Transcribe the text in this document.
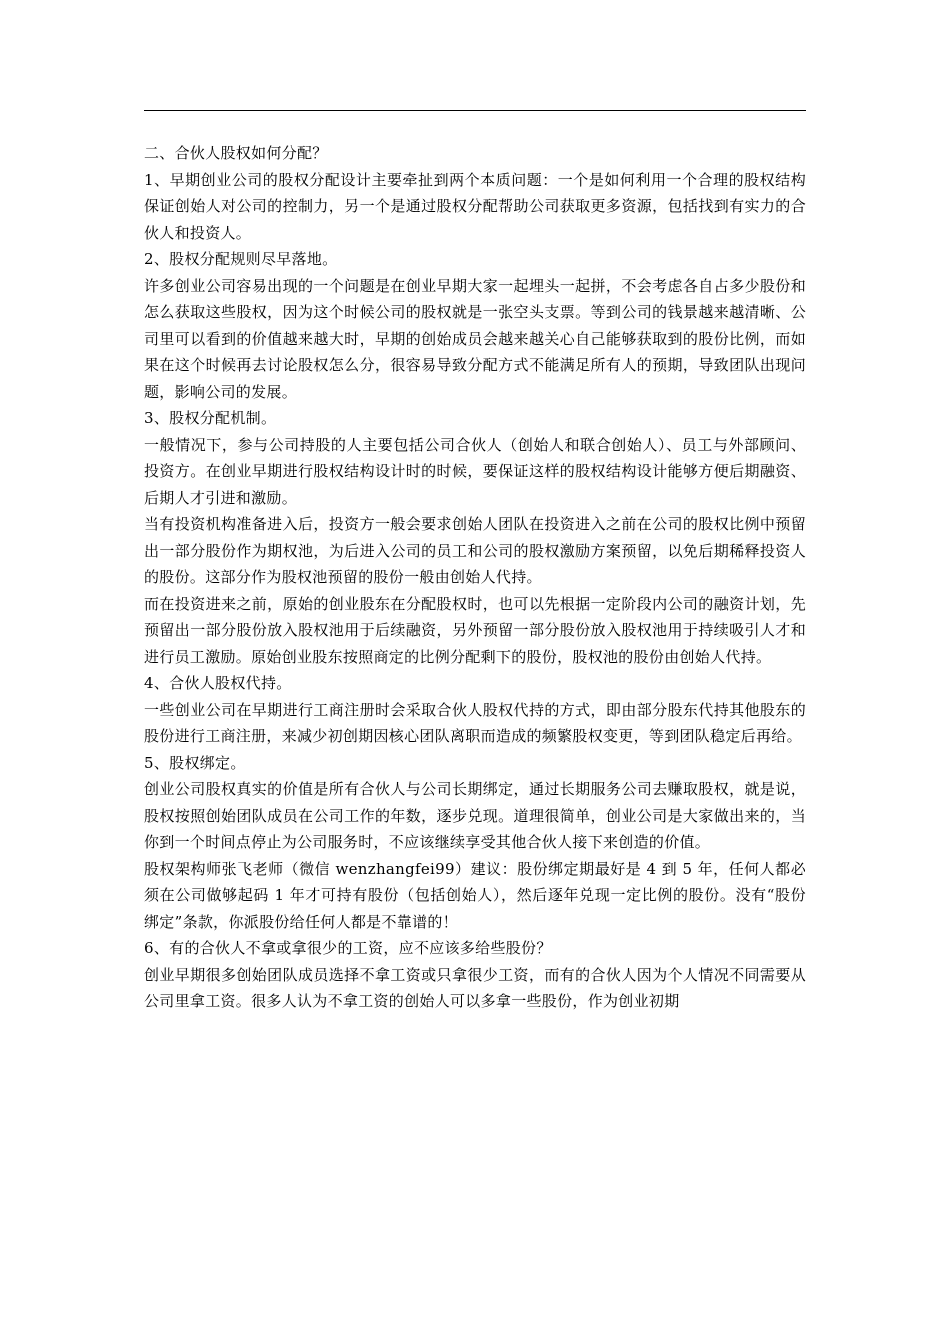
二、合伙人股权如何分配？

1、早期创业公司的股权分配设计主要牵扯到两个本质问题：一个是如何利用一个合理的股权结构保证创始人对公司的控制力，另一个是通过股权分配帮助公司获取更多资源，包括找到有实力的合伙人和投资人。

2、股权分配规则尽早落地。

许多创业公司容易出现的一个问题是在创业早期大家一起埋头一起拼，不会考虑各自占多少股份和怎么获取这些股权，因为这个时候公司的股权就是一张空头支票。等到公司的钱景越来越清晰、公司里可以看到的价值越来越大时，早期的创始成员会越来越关心自己能够获取到的股份比例，而如果在这个时候再去讨论股权怎么分，很容易导致分配方式不能满足所有人的预期，导致团队出现问题，影响公司的发展。

3、股权分配机制。

一般情况下，参与公司持股的人主要包括公司合伙人（创始人和联合创始人）、员工与外部顾问、投资方。在创业早期进行股权结构设计时的时候，要保证这样的股权结构设计能够方便后期融资、后期人才引进和激励。

当有投资机构准备进入后，投资方一般会要求创始人团队在投资进入之前在公司的股权比例中预留出一部分股份作为期权池，为后进入公司的员工和公司的股权激励方案预留，以免后期稀释投资人的股份。这部分作为股权池预留的股份一般由创始人代持。

而在投资进来之前，原始的创业股东在分配股权时，也可以先根据一定阶段内公司的融资计划，先预留出一部分股份放入股权池用于后续融资，另外预留一部分股份放入股权池用于持续吸引人才和进行员工激励。原始创业股东按照商定的比例分配剩下的股份，股权池的股份由创始人代持。

4、合伙人股权代持。

一些创业公司在早期进行工商注册时会采取合伙人股权代持的方式，即由部分股东代持其他股东的股份进行工商注册，来减少初创期因核心团队离职而造成的频繁股权变更，等到团队稳定后再给。

5、股权绑定。

创业公司股权真实的价值是所有合伙人与公司长期绑定，通过长期服务公司去赚取股权，就是说，股权按照创始团队成员在公司工作的年数，逐步兑现。道理很简单，创业公司是大家做出来的，当你到一个时间点停止为公司服务时，不应该继续享受其他合伙人接下来创造的价值。

股权架构师张飞老师（微信 wenzhangfei99）建议：股份绑定期最好是 4 到 5 年，任何人都必须在公司做够起码 1 年才可持有股份（包括创始人），然后逐年兑现一定比例的股份。没有“股份绑定”条款，你派股份给任何人都是不靠谱的！

6、有的合伙人不拿或拿很少的工资，应不应该多给些股份？

创业早期很多创始团队成员选择不拿工资或只拿很少工资，而有的合伙人因为个人情况不同需要从公司里拿工资。很多人认为不拿工资的创始人可以多拿一些股份，作为创业初期
